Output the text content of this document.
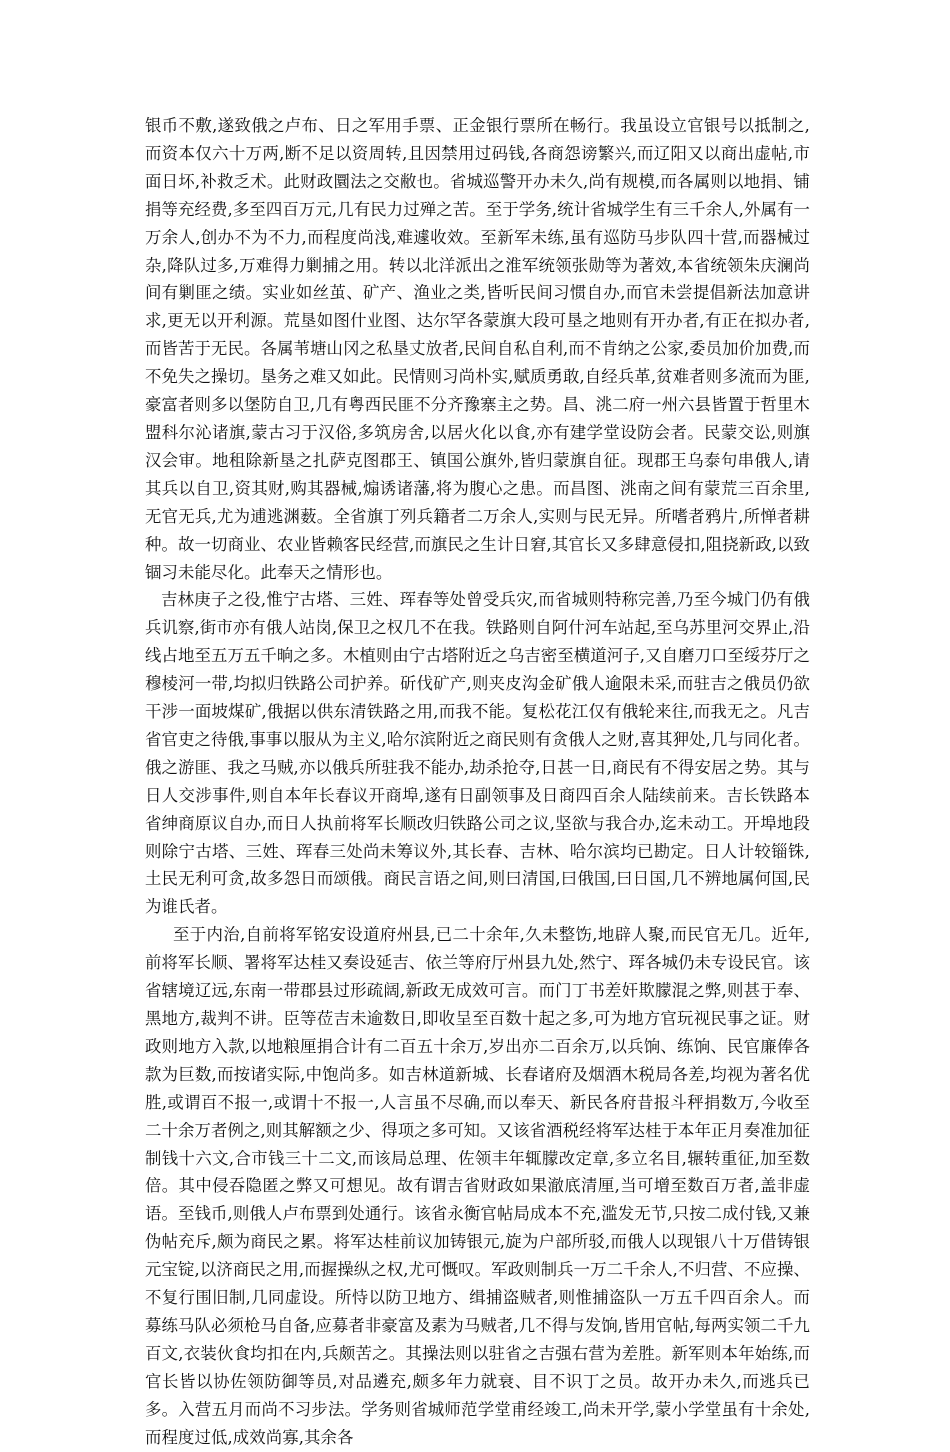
银币不敷,遂致俄之卢布、日之军用手票、正金银行票所在畅行。我虽设立官银号以抵制之,而资本仅六十万两,断不足以资周转,且因禁用过码钱,各商怨谤繁兴,而辽阳又以商出虚帖,市面日坏,补救乏术。此财政圜法之交敝也。省城巡警开办未久,尚有规模,而各属则以地捐、铺捐等充经费,多至四百万元,几有民力过殚之苦。至于学务,统计省城学生有三千余人,外属有一万余人,创办不为不力,而程度尚浅,难遽收效。至新军未练,虽有巡防马步队四十营,而器械过杂,降队过多,万难得力剿捕之用。转以北洋派出之淮军统领张勋等为著效,本省统领朱庆澜尚间有剿匪之绩。实业如丝茧、矿产、渔业之类,皆听民间习惯自办,而官未尝提倡新法加意讲求,更无以开利源。荒垦如图什业图、达尔罕各蒙旗大段可垦之地则有开办者,有正在拟办者,而皆苦于无民。各属苇塘山冈之私垦丈放者,民间自私自利,而不肯纳之公家,委员加价加费,而不免失之操切。垦务之难又如此。民情则习尚朴实,赋质勇敢,自经兵革,贫难者则多流而为匪,豪富者则多以堡防自卫,几有粤西民匪不分齐豫寨主之势。昌、洮二府一州六县皆置于哲里木盟科尔沁诸旗,蒙古习于汉俗,多筑房舍,以居火化以食,亦有建学堂设防会者。民蒙交讼,则旗汉会审。地租除新垦之扎萨克图郡王、镇国公旗外,皆归蒙旗自征。现郡王乌泰句串俄人,请其兵以自卫,资其财,购其器械,煽诱诸藩,将为腹心之患。而昌图、洮南之间有蒙荒三百余里,无官无兵,尤为逋逃渊薮。全省旗丁列兵籍者二万余人,实则与民无异。所嗜者鸦片,所惮者耕种。故一切商业、农业皆赖客民经营,而旗民之生计日窘,其官长又多肆意侵扣,阻挠新政,以致锢习未能尽化。此奉天之情形也。

吉林庚子之役,惟宁古塔、三姓、珲春等处曾受兵灾,而省城则特称完善,乃至今城门仍有俄兵讥察,街市亦有俄人站岗,保卫之权几不在我。铁路则自阿什河车站起,至乌苏里河交界止,沿线占地至五万五千晌之多。木植则由宁古塔附近之乌吉密至横道河子,又自磨刀口至绥芬厅之穆棱河一带,均拟归铁路公司护养。斫伐矿产,则夹皮沟金矿俄人逾限未采,而驻吉之俄员仍欲干涉一面坡煤矿,俄据以供东清铁路之用,而我不能。复松花江仅有俄轮来往,而我无之。凡吉省官吏之待俄,事事以服从为主义,哈尔滨附近之商民则有贪俄人之财,喜其狎处,几与同化者。俄之游匪、我之马贼,亦以俄兵所驻我不能办,劫杀抢夺,日甚一日,商民有不得安居之势。其与日人交涉事件,则自本年长春议开商埠,遂有日副领事及日商四百余人陆续前来。吉长铁路本省绅商原议自办,而日人执前将军长顺改归铁路公司之议,坚欲与我合办,迄未动工。开埠地段则除宁古塔、三姓、珲春三处尚未筹议外,其长春、吉林、哈尔滨均已勘定。日人计较锱铢,土民无利可贪,故多怨日而颂俄。商民言语之间,则曰清国,曰俄国,曰日国,几不辨地属何国,民为谁氏者。

至于内治,自前将军铭安设道府州县,已二十余年,久未整饬,地辟人聚,而民官无几。近年,前将军长顺、署将军达桂又奏设延吉、依兰等府厅州县九处,然宁、珲各城仍未专设民官。该省辖境辽远,东南一带郡县过形疏阔,新政无成效可言。而门丁书差奸欺朦混之弊,则甚于奉、黑地方,裁判不讲。臣等莅吉未逾数日,即收呈至百数十起之多,可为地方官玩视民事之证。财政则地方入款,以地粮厘捐合计有二百五十余万,岁出亦二百余万,以兵饷、练饷、民官廉俸各款为巨数,而按诸实际,中饱尚多。如吉林道新城、长春诸府及烟酒木税局各差,均视为著名优胜,或谓百不报一,或谓十不报一,人言虽不尽确,而以奉天、新民各府昔报斗秤捐数万,今收至二十余万者例之,则其解额之少、得项之多可知。又该省酒税经将军达桂于本年正月奏准加征制钱十六文,合市钱三十二文,而该局总理、佐领丰年辄朦改定章,多立名目,辗转重征,加至数倍。其中侵吞隐匿之弊又可想见。故有谓吉省财政如果澈底清厘,当可增至数百万者,盖非虚语。至钱币,则俄人卢布票到处通行。该省永衡官帖局成本不充,滥发无节,只按二成付钱,又兼伪帖充斥,颇为商民之累。将军达桂前议加铸银元,旋为户部所驳,而俄人以现银八十万借铸银元宝锭,以济商民之用,而握操纵之权,尤可慨叹。军政则制兵一万二千余人,不归营、不应操、不复行围旧制,几同虚设。所恃以防卫地方、缉捕盗贼者,则惟捕盗队一万五千四百余人。而募练马队必须枪马自备,应募者非豪富及素为马贼者,几不得与发饷,皆用官帖,每两实领二千九百文,衣装伙食均扣在内,兵颇苦之。其操法则以驻省之吉强右营为差胜。新军则本年始练,而官长皆以协佐领防御等员,对品遴充,颇多年力就衰、目不识丁之员。故开办未久,而逃兵已多。入营五月而尚不习步法。学务则省城师范学堂甫经竣工,尚未开学,蒙小学堂虽有十余处,而程度过低,成效尚寡,其余各
